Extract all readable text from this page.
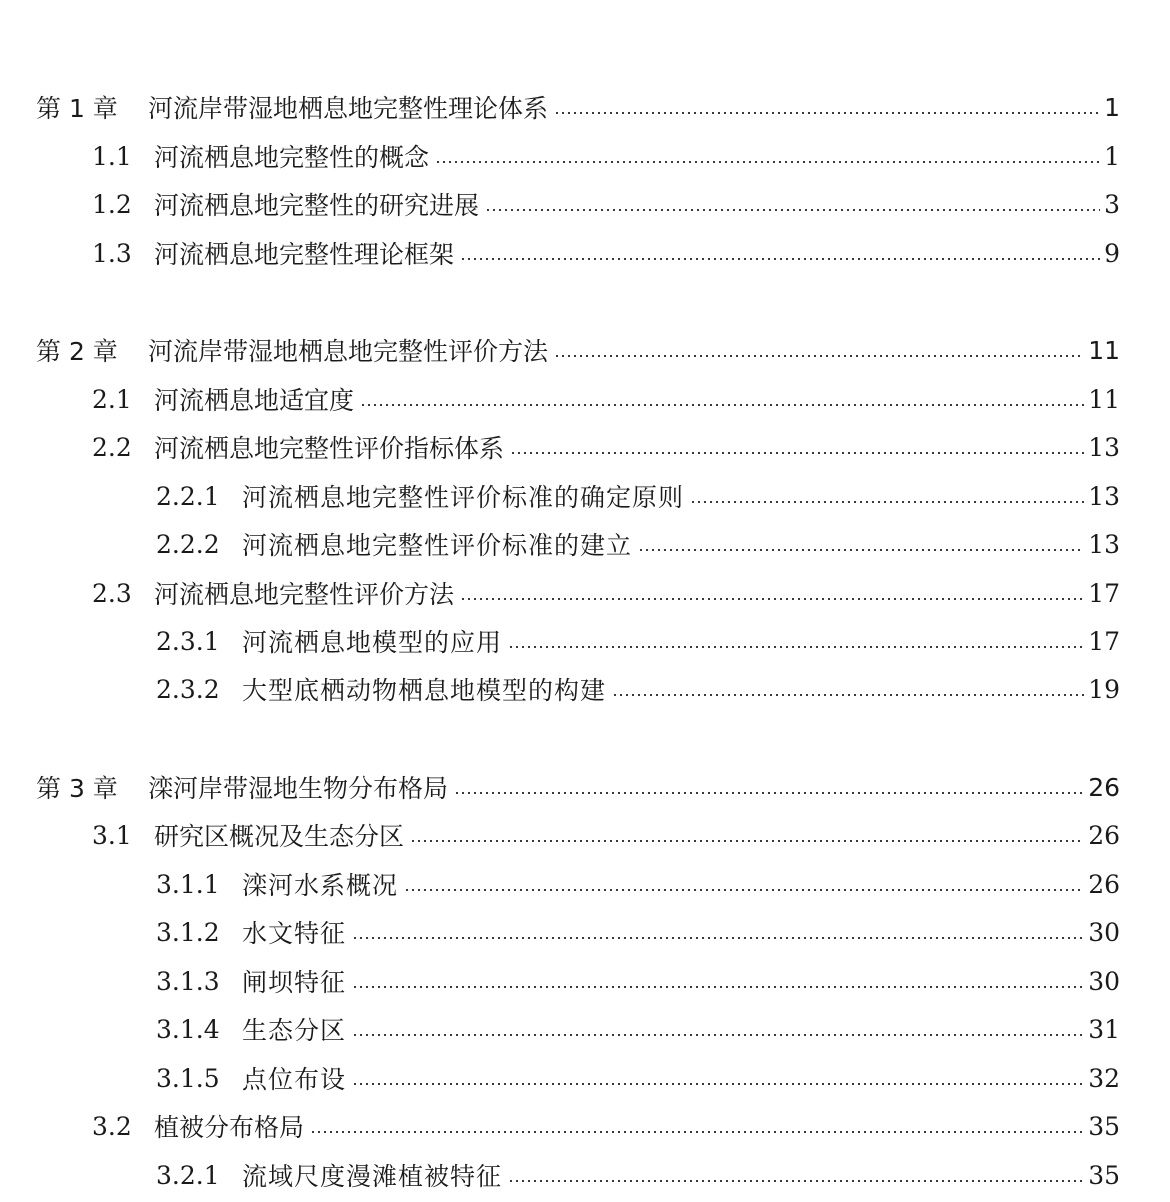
第 1 章	河流岸带湿地栖息地完整性理论体系	1
1.1 河流栖息地完整性的概念	1
1.2 河流栖息地完整性的研究进展	3
1.3 河流栖息地完整性理论框架	9
第 2 章	河流岸带湿地栖息地完整性评价方法	11
2.1 河流栖息地适宜度	11
2.2 河流栖息地完整性评价指标体系	13
2.2.1 河流栖息地完整性评价标准的确定原则	13
2.2.2 河流栖息地完整性评价标准的建立	13
2.3 河流栖息地完整性评价方法	17
2.3.1 河流栖息地模型的应用	17
2.3.2 大型底栖动物栖息地模型的构建	19
第 3 章	滦河岸带湿地生物分布格局	26
3.1 研究区概况及生态分区	26
3.1.1 滦河水系概况	26
3.1.2 水文特征	30
3.1.3 闸坝特征	30
3.1.4 生态分区	31
3.1.5 点位布设	32
3.2 植被分布格局	35
3.2.1 流域尺度漫滩植被特征	35
